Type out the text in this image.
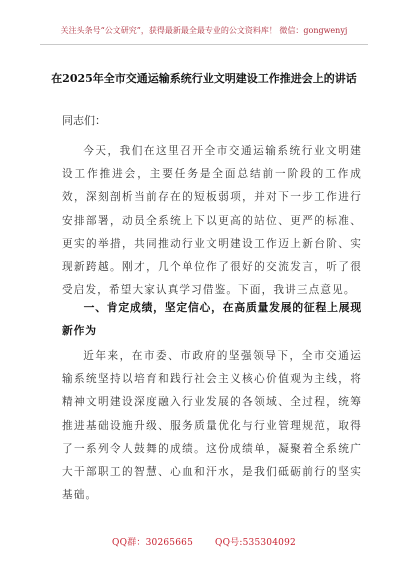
关注头条号“公文研究”，获得最新最全最专业的公文资料库！ 微信：gongwenyj
在2025年全市交通运输系统行业文明建设工作推进会上的讲话
同志们：
今天，我们在这里召开全市交通运输系统行业文明建设工作推进会，主要任务是全面总结前一阶段的工作成效，深刻剖析当前存在的短板弱项，并对下一步工作进行安排部署，动员全系统上下以更高的站位、更严的标准、更实的举措，共同推动行业文明建设工作迈上新台阶、实现新跨越。刚才，几个单位作了很好的交流发言，听了很受启发，希望大家认真学习借鉴。下面，我讲三点意见。
一、肯定成绩，坚定信心，在高质量发展的征程上展现新作为
近年来，在市委、市政府的坚强领导下，全市交通运输系统坚持以培育和践行社会主义核心价值观为主线，将精神文明建设深度融入行业发展的各领域、全过程，统筹推进基础设施升级、服务质量优化与行业管理规范，取得了一系列令人鼓舞的成绩。这份成绩单，凝聚着全系统广大干部职工的智慧、心血和汗水，是我们砥砺前行的坚实基础。
QQ群：30265665 QQ号:535304092
